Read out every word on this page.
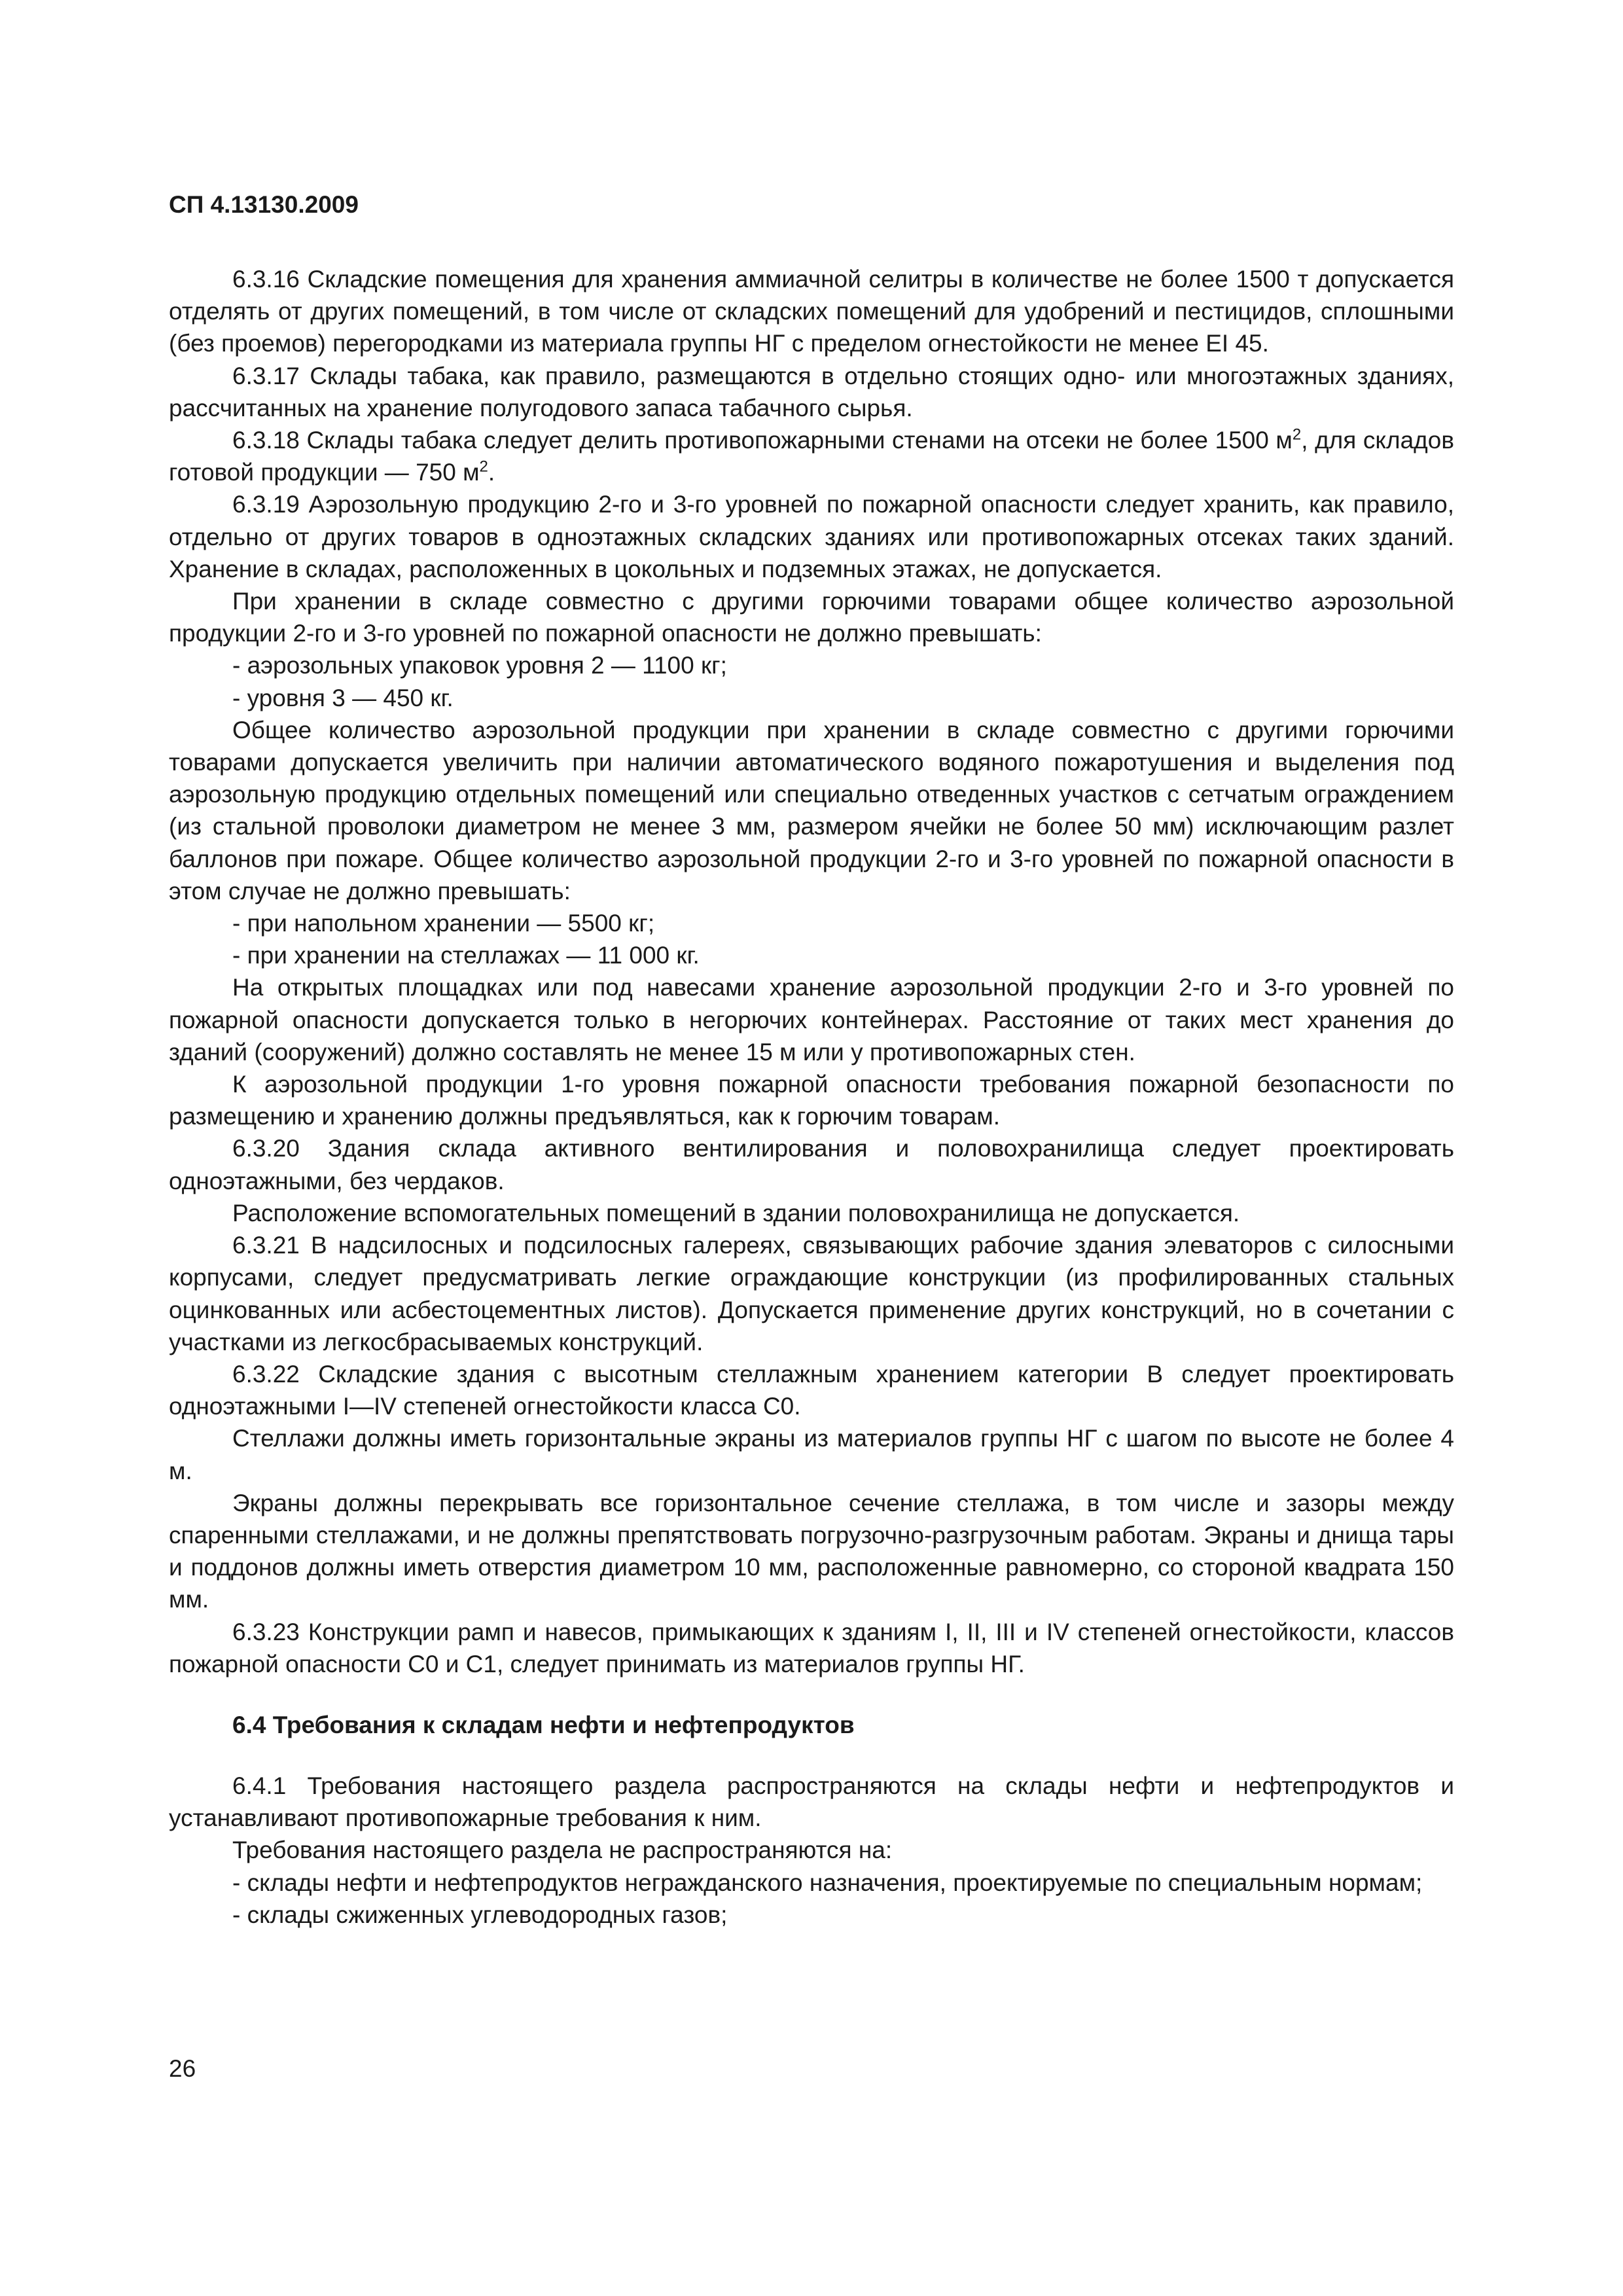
СП 4.13130.2009

6.3.16 Складские помещения для хранения аммиачной селитры в количестве не более 1500 т допускается отделять от других помещений, в том числе от складских помещений для удобрений и пестицидов, сплошными (без проемов) перегородками из материала группы НГ с пределом огнестойкости не менее EI 45.

6.3.17 Склады табака, как правило, размещаются в отдельно стоящих одно- или многоэтажных зданиях, рассчитанных на хранение полугодового запаса табачного сырья.

6.3.18 Склады табака следует делить противопожарными стенами на отсеки не более 1500 $м^2$, для складов готовой продукции — 750 $м^2$.

6.3.19 Аэрозольную продукцию 2-го и 3-го уровней по пожарной опасности следует хранить, как правило, отдельно от других товаров в одноэтажных складских зданиях или противопожарных отсеках таких зданий. Хранение в складах, расположенных в цокольных и подземных этажах, не допускается.

При хранении в складе совместно с другими горючими товарами общее количество аэрозольной продукции 2-го и 3-го уровней по пожарной опасности не должно превышать:

- аэрозольных упаковок уровня 2 — 1100 кг;

- уровня 3 — 450 кг.

Общее количество аэрозольной продукции при хранении в складе совместно с другими горючими товарами допускается увеличить при наличии автоматического водяного пожаротушения и выделения под аэрозольную продукцию отдельных помещений или специально отведенных участков с сетчатым ограждением (из стальной проволоки диаметром не менее 3 мм, размером ячейки не более 50 мм) исключающим разлет баллонов при пожаре. Общее количество аэрозольной продукции 2-го и 3-го уровней по пожарной опасности в этом случае не должно превышать:

- при напольном хранении — 5500 кг;

- при хранении на стеллажах — 11 000 кг.

На открытых площадках или под навесами хранение аэрозольной продукции 2-го и 3-го уровней по пожарной опасности допускается только в негорючих контейнерах. Расстояние от таких мест хранения до зданий (сооружений) должно составлять не менее 15 м или у противопожарных стен.

К аэрозольной продукции 1-го уровня пожарной опасности требования пожарной безопасности по размещению и хранению должны предъявляться, как к горючим товарам.

6.3.20 Здания склада активного вентилирования и половохранилища следует проектировать одноэтажными, без чердаков.

Расположение вспомогательных помещений в здании половохранилища не допускается.

6.3.21 В надсилосных и подсилосных галереях, связывающих рабочие здания элеваторов с силосными корпусами, следует предусматривать легкие ограждающие конструкции (из профилированных стальных оцинкованных или асбестоцементных листов). Допускается применение других конструкций, но в сочетании с участками из легкосбрасываемых конструкций.

6.3.22 Складские здания с высотным стеллажным хранением категории В следует проектировать одноэтажными I—IV степеней огнестойкости класса С0.

Стеллажи должны иметь горизонтальные экраны из материалов группы НГ с шагом по высоте не более 4 м.

Экраны должны перекрывать все горизонтальное сечение стеллажа, в том числе и зазоры между спаренными стеллажами, и не должны препятствовать погрузочно-разгрузочным работам. Экраны и днища тары и поддонов должны иметь отверстия диаметром 10 мм, расположенные равномерно, со стороной квадрата 150 мм.

6.3.23 Конструкции рамп и навесов, примыкающих к зданиям I, II, III и IV степеней огнестойкости, классов пожарной опасности С0 и С1, следует принимать из материалов группы НГ.

6.4 Требования к складам нефти и нефтепродуктов

6.4.1 Требования настоящего раздела распространяются на склады нефти и нефтепродуктов и устанавливают противопожарные требования к ним.

Требования настоящего раздела не распространяются на:

- склады нефти и нефтепродуктов негражданского назначения, проектируемые по специальным нормам;

- склады сжиженных углеводородных газов;

26
